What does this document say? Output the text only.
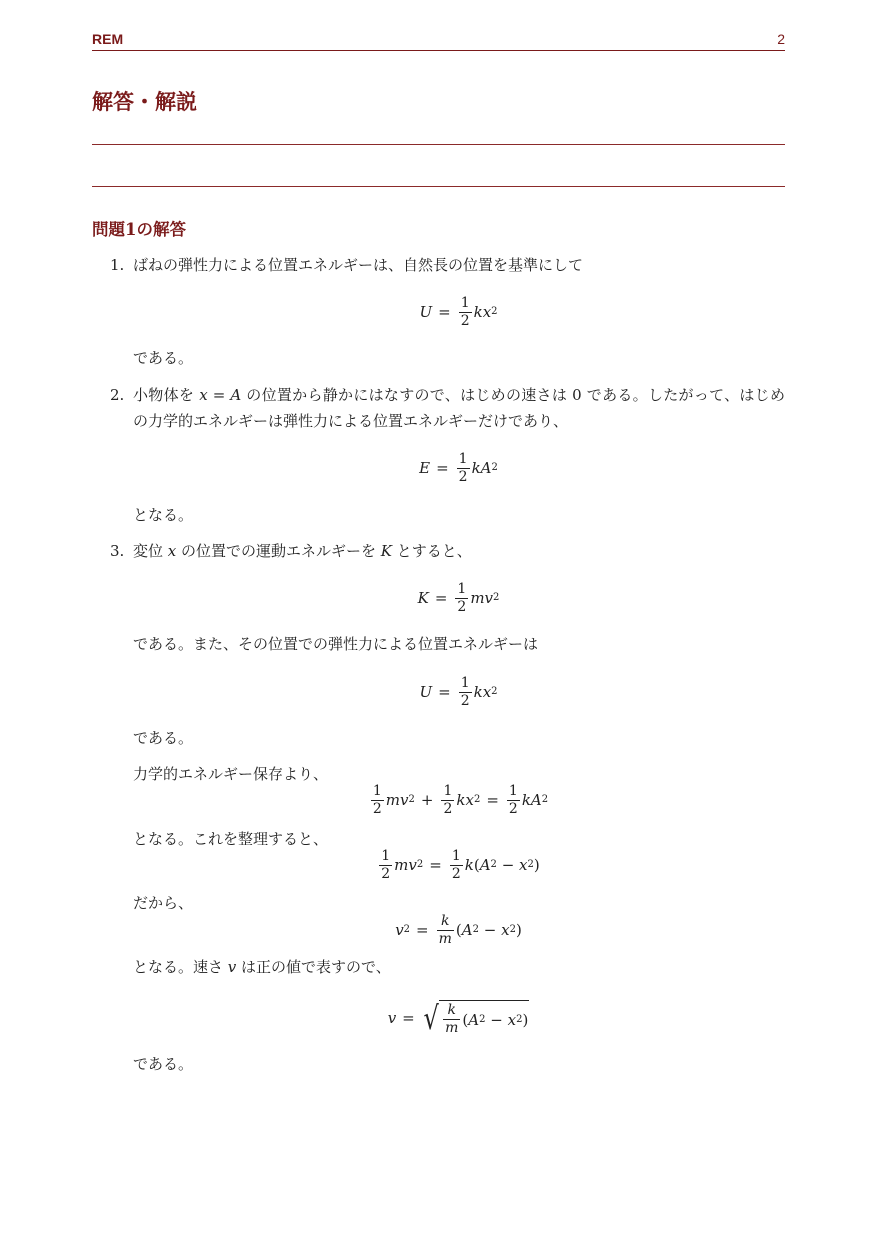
REM	2
解答・解説
問題1の解答
1. ばねの弾性力による位置エネルギーは、自然長の位置を基準にして
$U = \frac{1}{2}$ kx 2
である。
2. 小物体を x = A の位置から静かにはなすので、はじめの速さは 0 である。したがって、はじめの力学的エネルギーは弾性力による位置エネルギーだけであり、
$E = \frac{1}{2}$ kA 2
となる。
3. 変位 x の位置での運動エネルギーを K とすると、
$K = \frac{1}{2}$ mv 2
である。また、その位置での弾性力による位置エネルギーは
$U = \frac{1}{2}$ kx 2
である。
力学的エネルギー保存より、
1
2 mv $2 + \frac{1}{2}$ kx $2 = \frac{1}{2}$ kA 2
となる。これを整理すると、
1
2 mv $2 = \frac{1}{2}$ k ( A 2 − x 2 )
だから、
v $2 = \frac{k}{m}$ ( A 2 − x 2 )
となる。速さ v は正の値で表すので、
v = √ k
m ( A 2 − x 2 )
である。
